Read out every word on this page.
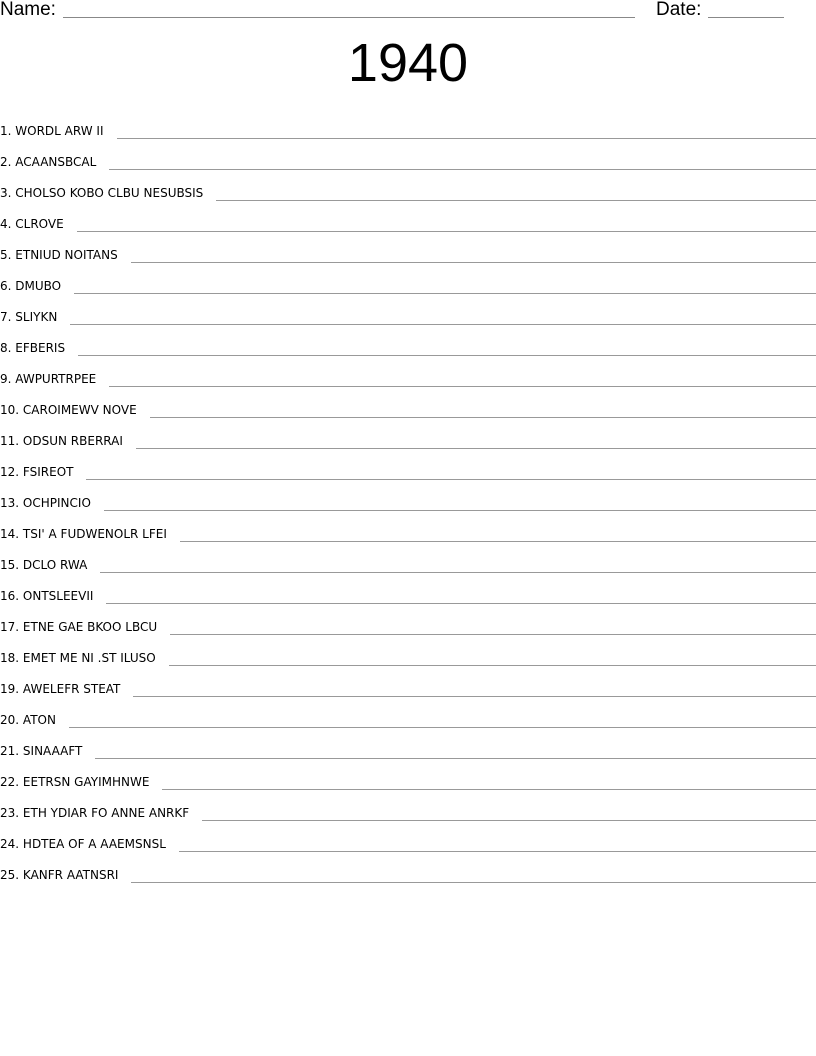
Name:	Date:
1940
1. WORDL ARW II
2. ACAANSBCAL
3. CHOLSO KOBO CLBU NESUBSIS
4. CLROVE
5. ETNIUD NOITANS
6. DMUBO
7. SLIYKN
8. EFBERIS
9. AWPURTRPEE
10. CAROIMEWV NOVE
11. ODSUN RBERRAI
12. FSIREOT
13. OCHPINCIO
14. TSI' A FUDWENOLR LFEI
15. DCLO RWA
16. ONTSLEEVII
17. ETNE GAE BKOO LBCU
18. EMET ME NI .ST ILUSO
19. AWELEFR STEAT
20. ATON
21. SINAAAFT
22. EETRSN GAYIMHNWE
23. ETH YDIAR FO ANNE ANRKF
24. HDTEA OF A AAEMSNSL
25. KANFR AATNSRI
